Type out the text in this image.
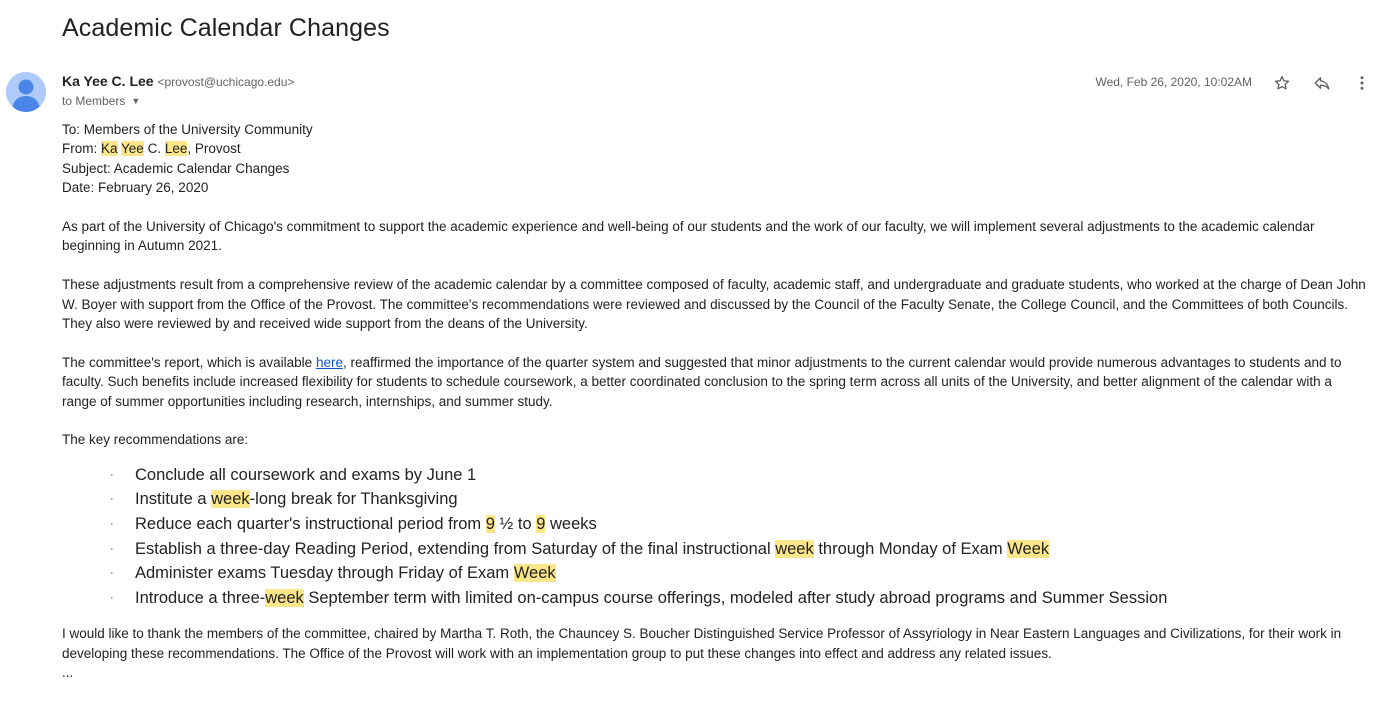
Academic Calendar Changes
Ka Yee C. Lee <provost@uchicago.edu>
to Members ▼
Wed, Feb 26, 2020, 10:02AM

To: Members of the University Community
From: Ka Yee C. Lee, Provost
Subject: Academic Calendar Changes
Date: February 26, 2020

As part of the University of Chicago's commitment to support the academic experience and well-being of our students and the work of our faculty, we will implement several adjustments to the academic calendar beginning in Autumn 2021.

These adjustments result from a comprehensive review of the academic calendar by a committee composed of faculty, academic staff, and undergraduate and graduate students, who worked at the charge of Dean John W. Boyer with support from the Office of the Provost. The committee's recommendations were reviewed and discussed by the Council of the Faculty Senate, the College Council, and the Committees of both Councils. They also were reviewed by and received wide support from the deans of the University.

The committee's report, which is available here, reaffirmed the importance of the quarter system and suggested that minor adjustments to the current calendar would provide numerous advantages to students and to faculty. Such benefits include increased flexibility for students to schedule coursework, a better coordinated conclusion to the spring term across all units of the University, and better alignment of the calendar with a range of summer opportunities including research, internships, and summer study.

The key recommendations are:

· Conclude all coursework and exams by June 1
· Institute a week-long break for Thanksgiving
· Reduce each quarter's instructional period from 9 ½ to 9 weeks
· Establish a three-day Reading Period, extending from Saturday of the final instructional week through Monday of Exam Week
· Administer exams Tuesday through Friday of Exam Week
· Introduce a three-week September term with limited on-campus course offerings, modeled after study abroad programs and Summer Session

I would like to thank the members of the committee, chaired by Martha T. Roth, the Chauncey S. Boucher Distinguished Service Professor of Assyriology in Near Eastern Languages and Civilizations, for their work in developing these recommendations. The Office of the Provost will work with an implementation group to put these changes into effect and address any related issues.

...
